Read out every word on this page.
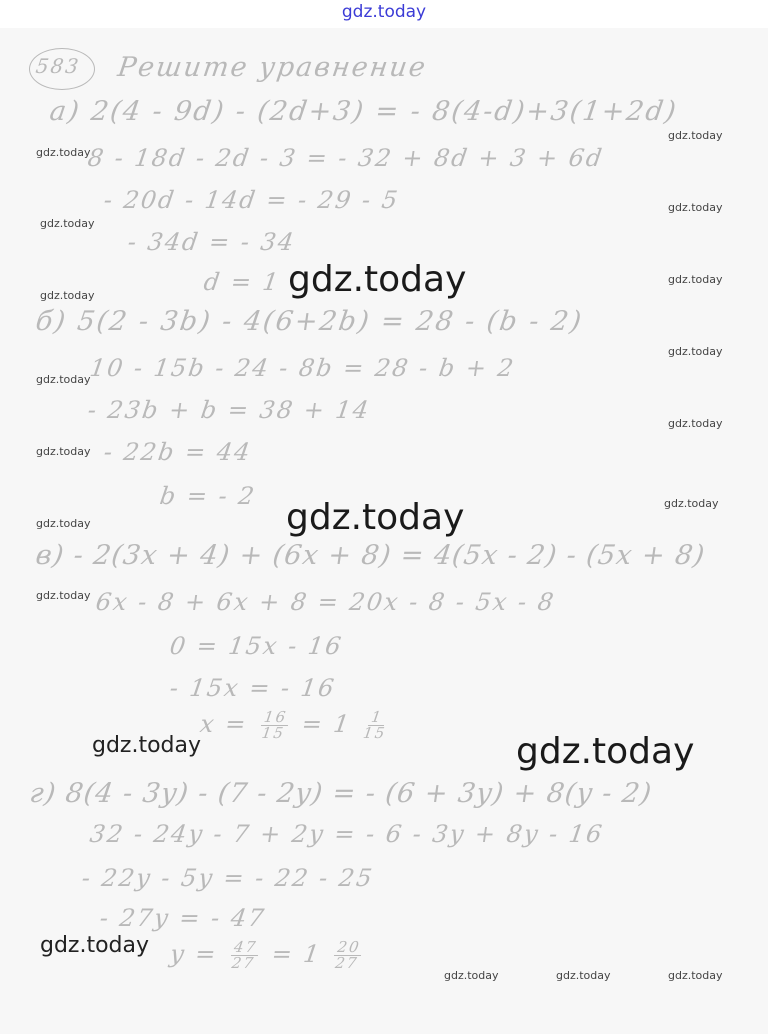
gdz.today
583 Решите уравнение
a) 2(4 - 9d) - (2d+3) = - 8(4-d)+3(1+2d)
8 - 18d - 2d - 3 = - 32 + 8d + 3 + 6d
- 20d - 14d = - 29 - 5
- 34d = - 34
d = 1
б) 5(2 - 3b) - 4(6+2b) = 28 - (b - 2)
10 - 15b - 24 - 8b = 28 - b + 2
- 23b + b = 38 + 14
- 22b = 44
b = - 2
в) - 2(3x + 4) + (6x + 8) = 4(5x - 2) - (5x + 8)
6x - 8 + 6x + 8 = 20x - 8 - 5x - 8
0 = 15x - 16
- 15x = - 16
$x = \frac{16}{15} = 1 \frac{1}{15}$
г) 8(4 - 3y) - (7 - 2y) = - (6 + 3y) + 8(y - 2)
32 - 24y - 7 + 2y = - 6 - 3y + 8y - 16
- 22y - 5y = - 22 - 25
- 27y = - 47
$y = \frac{47}{27} = 1 \frac{20}{27}$
gdz.today
gdz.today
gdz.today
gdz.today
gdz.today
gdz.today
gdz.today
gdz.today
gdz.today
gdz.today
gdz.today
gdz.today
gdz.today
gdz.today	gdz.today	gdz.today
gdz.today
gdz.today
gdz.today
gdz.today
gdz.today
